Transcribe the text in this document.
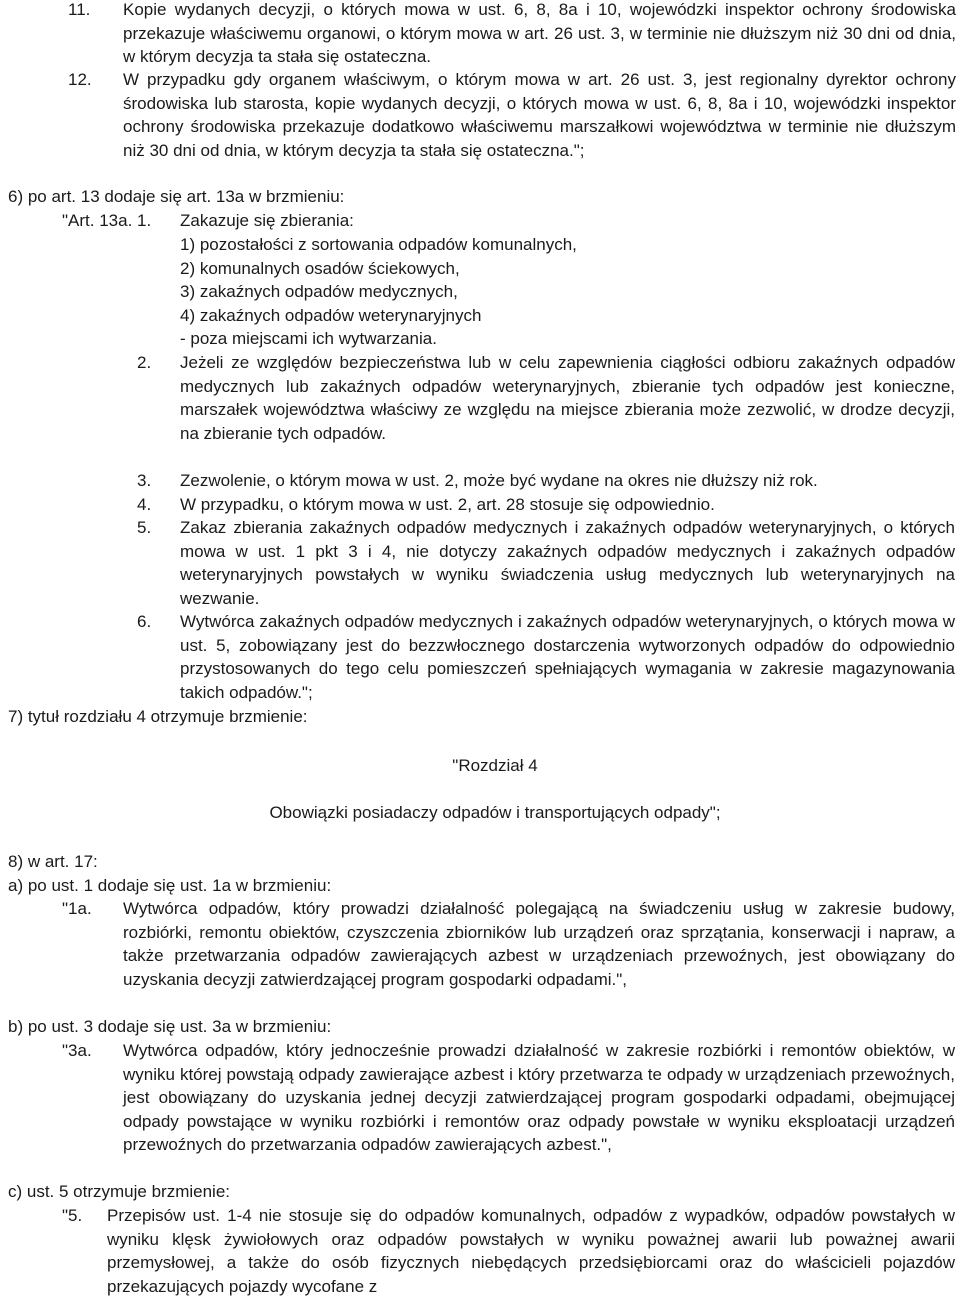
11. Kopie wydanych decyzji, o których mowa w ust. 6, 8, 8a i 10, wojewódzki inspektor ochrony środowiska przekazuje właściwemu organowi, o którym mowa w art. 26 ust. 3, w terminie nie dłuższym niż 30 dni od dnia, w którym decyzja ta stała się ostateczna.
12. W przypadku gdy organem właściwym, o którym mowa w art. 26 ust. 3, jest regionalny dyrektor ochrony środowiska lub starosta, kopie wydanych decyzji, o których mowa w ust. 6, 8, 8a i 10, wojewódzki inspektor ochrony środowiska przekazuje dodatkowo właściwemu marszałkowi województwa w terminie nie dłuższym niż 30 dni od dnia, w którym decyzja ta stała się ostateczna.";
6) po art. 13 dodaje się art. 13a w brzmieniu:
"Art. 13a. 1. Zakazuje się zbierania:
1) pozostałości z sortowania odpadów komunalnych,
2) komunalnych osadów ściekowych,
3) zakaźnych odpadów medycznych,
4) zakaźnych odpadów weterynaryjnych
- poza miejscami ich wytwarzania.
2. Jeżeli ze względów bezpieczeństwa lub w celu zapewnienia ciągłości odbioru zakaźnych odpadów medycznych lub zakaźnych odpadów weterynaryjnych, zbieranie tych odpadów jest konieczne, marszałek województwa właściwy ze względu na miejsce zbierania może zezwolić, w drodze decyzji, na zbieranie tych odpadów.
3. Zezwolenie, o którym mowa w ust. 2, może być wydane na okres nie dłuższy niż rok.
4. W przypadku, o którym mowa w ust. 2, art. 28 stosuje się odpowiednio.
5. Zakaz zbierania zakaźnych odpadów medycznych i zakaźnych odpadów weterynaryjnych, o których mowa w ust. 1 pkt 3 i 4, nie dotyczy zakaźnych odpadów medycznych i zakaźnych odpadów weterynaryjnych powstałych w wyniku świadczenia usług medycznych lub weterynaryjnych na wezwanie.
6. Wytwórca zakaźnych odpadów medycznych i zakaźnych odpadów weterynaryjnych, o których mowa w ust. 5, zobowiązany jest do bezzwłocznego dostarczenia wytworzonych odpadów do odpowiednio przystosowanych do tego celu pomieszczeń spełniających wymagania w zakresie magazynowania takich odpadów.";
7) tytuł rozdziału 4 otrzymuje brzmienie:
"Rozdział 4
Obowiązki posiadaczy odpadów i transportujących odpady";
8) w art. 17:
a) po ust. 1 dodaje się ust. 1a w brzmieniu:
"1a. Wytwórca odpadów, który prowadzi działalność polegającą na świadczeniu usług w zakresie budowy, rozbiórki, remontu obiektów, czyszczenia zbiorników lub urządzeń oraz sprzątania, konserwacji i napraw, a także przetwarzania odpadów zawierających azbest w urządzeniach przewoźnych, jest obowiązany do uzyskania decyzji zatwierdzającej program gospodarki odpadami.",
b) po ust. 3 dodaje się ust. 3a w brzmieniu:
"3a. Wytwórca odpadów, który jednocześnie prowadzi działalność w zakresie rozbiórki i remontów obiektów, w wyniku której powstają odpady zawierające azbest i który przetwarza te odpady w urządzeniach przewoźnych, jest obowiązany do uzyskania jednej decyzji zatwierdzającej program gospodarki odpadami, obejmującej odpady powstające w wyniku rozbiórki i remontów oraz odpady powstałe w wyniku eksploatacji urządzeń przewoźnych do przetwarzania odpadów zawierających azbest.",
c) ust. 5 otrzymuje brzmienie:
"5. Przepisów ust. 1-4 nie stosuje się do odpadów komunalnych, odpadów z wypadków, odpadów powstałych w wyniku klęsk żywiołowych oraz odpadów powstałych w wyniku poważnej awarii lub poważnej awarii przemysłowej, a także do osób fizycznych niebędących przedsiębiorcami oraz do właścicieli pojazdów przekazujących pojazdy wycofane z
